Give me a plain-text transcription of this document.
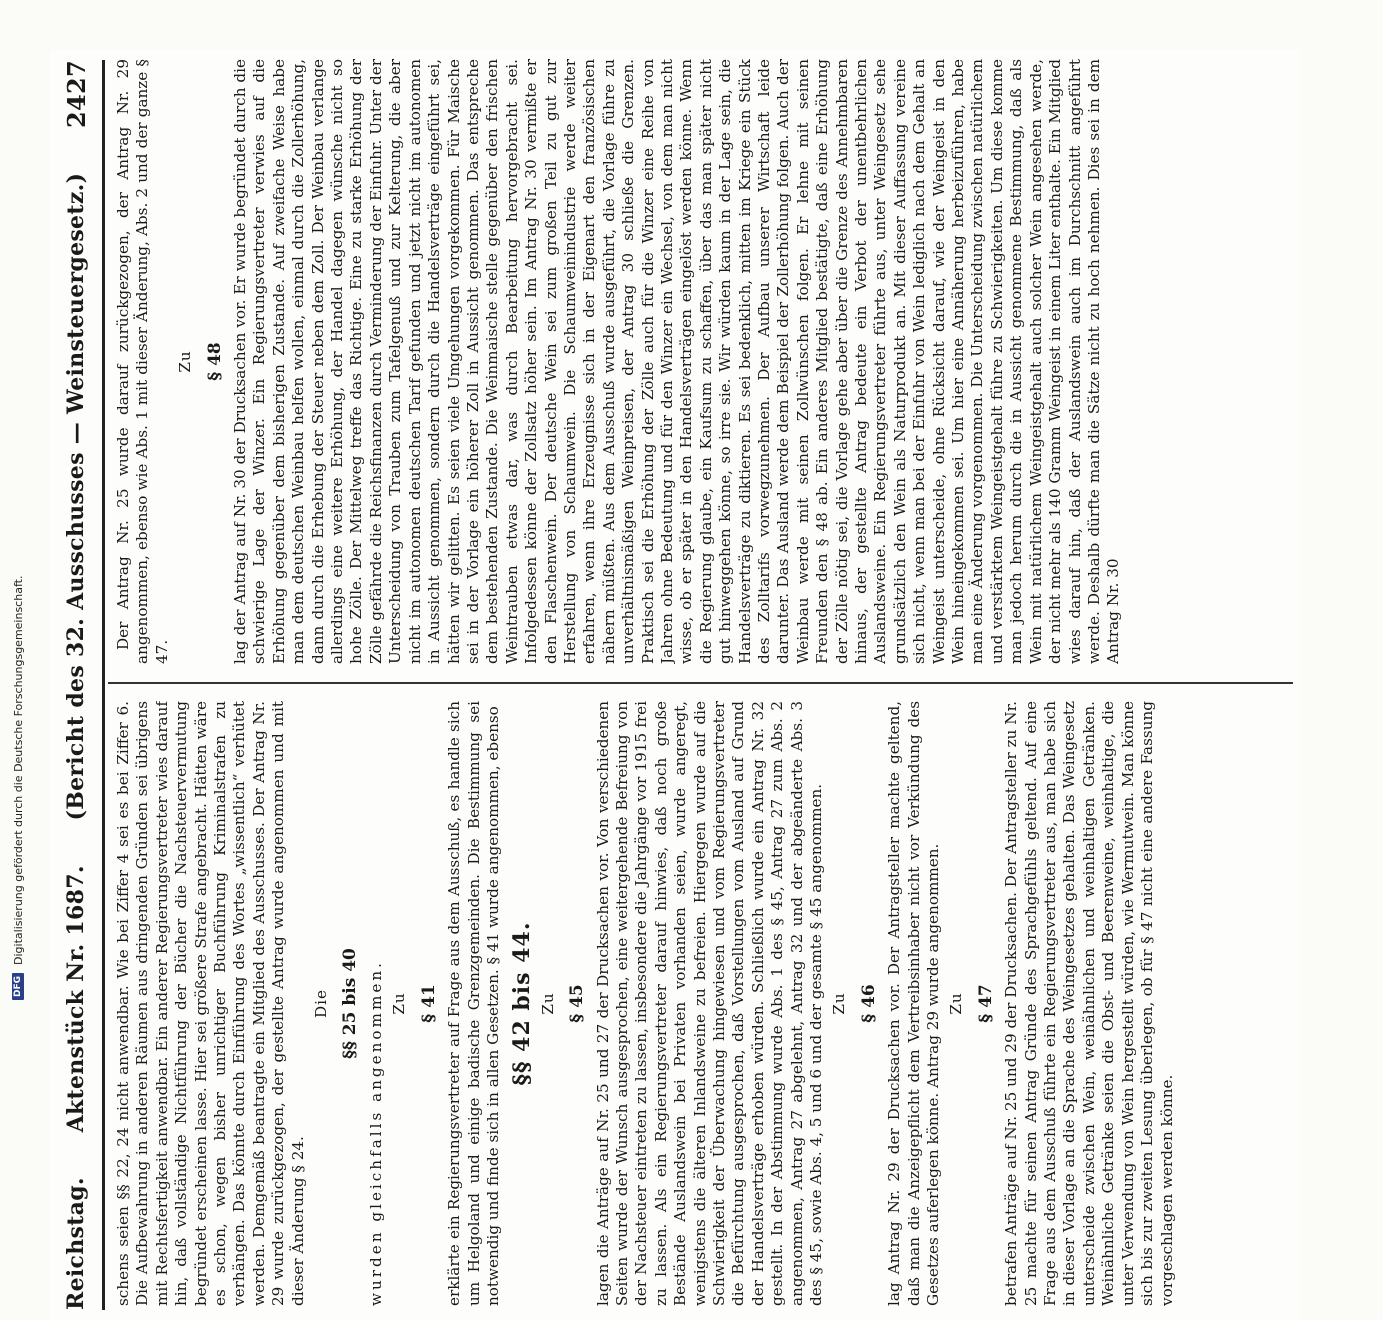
Reichstag.
Aktenstück Nr. 1687.
(Bericht des 32. Ausschusses — Weinsteuergesetz.)
2427

schens seien §§ 22, 24 nicht anwendbar. Wie bei Ziffer 4 sei es bei Ziffer 6. Die Aufbewahrung in anderen Räumen aus dringenden Gründen sei übrigens mit Rechtsfertigkeit anwendbar. Ein anderer Regierungsvertreter wies darauf hin, daß vollständige Nichtführung der Bücher die Nachsteuervermutung begründet erscheinen lasse. Hier sei größere Strafe angebracht. Hätten wäre es schon, wegen bisher unrichtiger Buchführung Kriminalstrafen zu verhängen. Das könnte durch Einführung des Wortes „wissentlich“ verhütet werden. Demgemäß beantragte ein Mitglied des Ausschusses. Der Antrag Nr. 29 wurde zurückgezogen, der gestellte Antrag wurde angenommen und mit dieser Änderung § 24.

Die §§ 25 bis 40 wurden gleichfalls angenommen. Zu § 41 erklärte ein Regierungsvertreter auf Frage aus dem Ausschuß, es handle sich um Helgoland und einige badische Grenzgemeinden. Die Bestimmung sei notwendig und finde sich in allen Gesetzen. § 41 wurde angenommen, ebenso §§ 42 bis 44. Zu § 45 lagen die Anträge auf Nr. 25 und 27 der Drucksachen vor. Von verschiedenen Seiten wurde der Wunsch ausgesprochen, eine weitergehende Befreiung von der Nachsteuer eintreten zu lassen, insbesondere die Jahrgänge vor 1915 frei zu lassen. Als ein Regierungsvertreter darauf hinwies, daß noch große Bestände Auslandswein bei Privaten vorhanden seien, wurde angeregt, wenigstens die älteren Inlandsweine zu befreien. Hiergegen wurde auf die Schwierigkeit der Überwachung hingewiesen und vom Regierungsvertreter die Befürchtung ausgesprochen, daß Vorstellungen vom Ausland auf Grund der Handelsverträge erhoben würden. Schließlich wurde ein Antrag Nr. 32 gestellt. In der Abstimmung wurde Abs. 1 des § 45, Antrag 27 zum Abs. 2 angenommen, Antrag 27 abgelehnt, Antrag 32 und der abgeänderte Abs. 3 des § 45, sowie Abs. 4, 5 und 6 und der gesamte § 45 angenommen. Zu § 46 lag Antrag Nr. 29 der Drucksachen vor. Der Antragsteller machte geltend, daß man die Anzeigepflicht dem Vertreibsinhaber nicht vor Verkündung des Gesetzes auferlegen könne. Antrag 29 wurde angenommen. Zu § 47 betrafen Anträge auf Nr. 25 und 29 der Drucksachen. Der Antragsteller zu Nr. 25 machte für seinen Antrag Gründe des Sprachgefühls geltend. Auf eine Frage aus dem Ausschuß führte ein Regierungsvertreter aus, man habe sich in dieser Vorlage an die Sprache des Weingesetzes gehalten. Das Weingesetz unterscheide zwischen Wein, weinähnlichen und weinhaltigen Getränken. Weinähnliche Getränke seien die Obst- und Beerenweine, weinhaltige, die unter Verwendung von Wein hergestellt würden, wie Wermutwein. Man könne sich bis zur zweiten Lesung überlegen, ob für § 47 nicht eine andere Fassung vorgeschlagen werden könne.

Der Antrag Nr. 25 wurde darauf zurückgezogen, der Antrag Nr. 29 angenommen, ebenso wie Abs. 1 mit dieser Änderung, Abs. 2 und der ganze § 47.

Zu § 48 lag der Antrag auf Nr. 30 der Drucksachen vor. Er wurde begründet durch die schwierige Lage der Winzer. Ein Regierungsvertreter verwies auf die Erhöhung gegenüber dem bisherigen Zustande. Auf zweifache Weise habe man dem deutschen Weinbau helfen wollen, einmal durch die Zollerhöhung, dann durch die Erhebung der Steuer neben dem Zoll. Der Weinbau verlange allerdings eine weitere Erhöhung, der Handel dagegen wünsche nicht so hohe Zölle. Der Mittelweg treffe das Richtige. Eine zu starke Erhöhung der Zölle gefährde die Reichsfinanzen durch Verminderung der Einfuhr. Unter der Unterscheidung von Trauben zum Tafelgenuß und zur Kelterung, die aber nicht im autonomen deutschen Tarif gefunden und jetzt nicht im autonomen in Aussicht genommen, sondern durch die Handelsverträge eingeführt sei, hätten wir gelitten. Es seien viele Umgehungen vorgekommen. Für Maische sei in der Vorlage ein höherer Zoll in Aussicht genommen. Das entspreche dem bestehenden Zustande. Die Weinmaische stelle gegenüber den frischen Weintrauben etwas dar, was durch Bearbeitung hervorgebracht sei. Infolgedessen könne der Zollsatz höher sein. Im Antrag Nr. 30 vermißte er den Flaschenwein. Der deutsche Wein sei zum großen Teil zu gut zur Herstellung von Schaumwein. Die Schaumweinindustrie werde weiter erfahren, wenn ihre Erzeugnisse sich in der Eigenart den französischen nähern müßten. Aus dem Ausschuß wurde ausgeführt, die Vorlage führe zu unverhältnismäßigen Weinpreisen, der Antrag 30 schließe die Grenzen. Praktisch sei die Erhöhung der Zölle auch für die Winzer eine Reihe von Jahren ohne Bedeutung und für den Winzer ein Wechsel, von dem man nicht wisse, ob er später in den Handelsverträgen eingelöst werden könne. Wenn die Regierung glaube, ein Kaufsum zu schaffen, über das man später nicht gut hinweggehen könne, so irre sie. Wir würden kaum in der Lage sein, die Handelsverträge zu diktieren. Es sei bedenklich, mitten im Kriege ein Stück des Zolltarifs vorwegzunehmen. Der Aufbau unserer Wirtschaft leide darunter. Das Ausland werde dem Beispiel der Zollerhöhung folgen. Auch der Weinbau werde mit seinen Zollwünschen folgen. Er lehne mit seinen Freunden den § 48 ab. Ein anderes Mitglied bestätigte, daß eine Erhöhung der Zölle nötig sei, die Vorlage gehe aber über die Grenze des Annehmbaren hinaus, der gestellte Antrag bedeute ein Verbot der unentbehrlichen Auslandsweine. Ein Regierungsvertreter führte aus, unter Weingesetz sehe grundsätzlich den Wein als Naturprodukt an. Mit dieser Auffassung vereine sich nicht, wenn man bei der Einfuhr von Wein lediglich nach dem Gehalt an Weingeist unterscheide, ohne Rücksicht darauf, wie der Weingeist in den Wein hineingekommen sei. Um hier eine Annäherung herbeizuführen, habe man eine Änderung vorgenommen. Die Unterscheidung zwischen natürlichem und verstärktem Weingeistgehalt führe zu Schwierigkeiten. Um diese komme man jedoch herum durch die in Aussicht genommene Bestimmung, daß als Wein mit natürlichem Weingeistgehalt auch solcher Wein angesehen werde, der nicht mehr als 140 Gramm Weingeist in einem Liter enthalte. Ein Mitglied wies darauf hin, daß der Auslandswein auch im Durchschnitt angeführt werde. Deshalb dürfte man die Sätze nicht zu hoch nehmen. Dies sei in dem Antrag Nr. 30

DFG
Digitalisierung gefördert durch die Deutsche Forschungsgemeinschaft.
